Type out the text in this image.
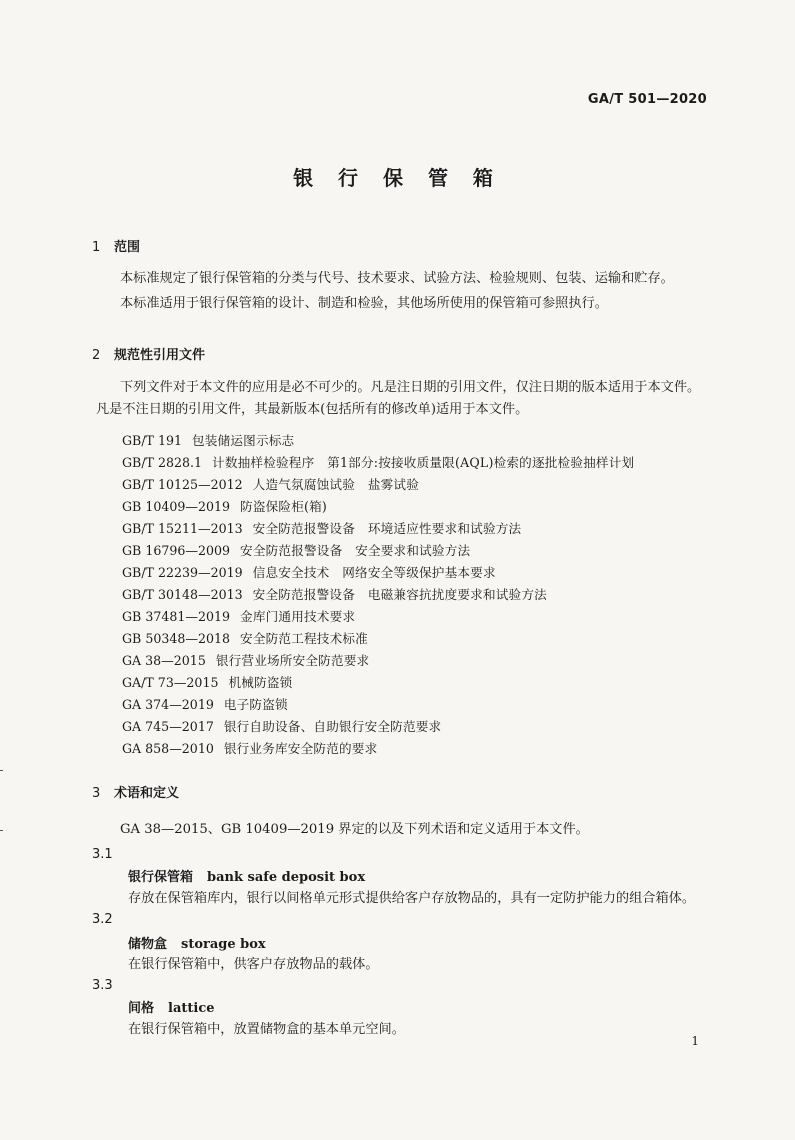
GA/T 501—2020
银 行 保 管 箱
1 范围
本标准规定了银行保管箱的分类与代号、技术要求、试验方法、检验规则、包装、运输和贮存。
本标准适用于银行保管箱的设计、制造和检验，其他场所使用的保管箱可参照执行。
2 规范性引用文件
下列文件对于本文件的应用是必不可少的。凡是注日期的引用文件，仅注日期的版本适用于本文件。凡是不注日期的引用文件，其最新版本(包括所有的修改单)适用于本文件。
GB/T 191 包装储运图示标志
GB/T 2828.1 计数抽样检验程序　第1部分:按接收质量限(AQL)检索的逐批检验抽样计划
GB/T 10125—2012 人造气氛腐蚀试验　盐雾试验
GB 10409—2019 防盗保险柜(箱)
GB/T 15211—2013 安全防范报警设备　环境适应性要求和试验方法
GB 16796—2009 安全防范报警设备　安全要求和试验方法
GB/T 22239—2019 信息安全技术　网络安全等级保护基本要求
GB/T 30148—2013 安全防范报警设备　电磁兼容抗扰度要求和试验方法
GB 37481—2019 金库门通用技术要求
GB 50348—2018 安全防范工程技术标准
GA 38—2015 银行营业场所安全防范要求
GA/T 73—2015 机械防盗锁
GA 374—2019 电子防盗锁
GA 745—2017 银行自助设备、自助银行安全防范要求
GA 858—2010 银行业务库安全防范的要求
3 术语和定义
GA 38—2015、GB 10409—2019 界定的以及下列术语和定义适用于本文件。
3.1
银行保管箱 bank safe deposit box
存放在保管箱库内，银行以间格单元形式提供给客户存放物品的，具有一定防护能力的组合箱体。
3.2
储物盒 storage box
在银行保管箱中，供客户存放物品的载体。
3.3
间格 lattice
在银行保管箱中，放置储物盒的基本单元空间。
1
